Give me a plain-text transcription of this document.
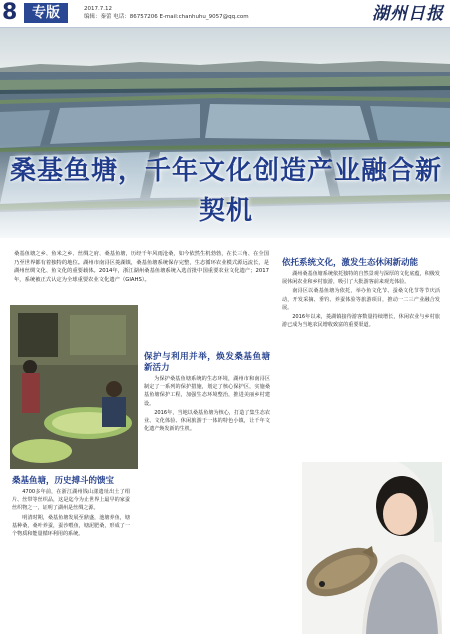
8	专版	2017.7.12
编辑：秦蕾 电话：86757206 E-mail:chanhuhu_9057@qq.com	湖州日报
桑基鱼塘，千年文化创造产业融合新契机

桑基鱼塘之乡、鱼米之乡、丝绸之府、桑基鱼塘，历经千年风雨沧桑，如今依然生机勃勃，在长三角、在全国乃至世界都有着独特的地位。湖州市南浔区菱湖镇，桑基鱼塘系统保存完整，生态循环农业模式源远流长，是湖州丝绸文化、鱼文化的重要载体。2014年，浙江湖州桑基鱼塘系统入选首批中国重要农业文化遗产；2017年，系统被正式认定为全球重要农业文化遗产（GIAHS）。

桑基鱼塘，历史搏斗的馈宝

4700多年前，在浙江湖州钱山漾遗址出土了绢片、丝带等丝织品，这是迄今为止世界上最早的家蚕丝织物之一，证明了湖州是丝绸之源。

明清时期，桑基鱼塘发展至鼎盛，池塘养鱼，塘基种桑，桑叶养蚕，蚕沙喂鱼，塘泥肥桑，形成了一个物质和能量循环利用的系统。

保护与利用并举，焕发桑基鱼塘新活力

为保护桑基鱼塘系统的生态环境，湖州市和南浔区制定了一系列的保护措施，划定了核心保护区，实施桑基鱼塘保护工程，加强生态环境整治，推进美丽乡村建设。

2016年，当地以桑基鱼塘为核心，打造了集生态农业、文化体验、休闲旅游于一体的特色小镇，让千年文化遗产焕发新的生机。

依托系统文化，激发生态休闲新动能

湖州桑基鱼塘系统依托独特的自然景观与深厚的文化底蕴，积极发展休闲农业和乡村旅游，吸引了大批游客前来观光体验。

南浔区以桑基鱼塘为依托，举办鱼文化节、蚕桑文化节等节庆活动，开发采摘、垂钓、养蚕体验等旅游项目，推动一二三产业融合发展。

2016年以来，菱湖镇接待游客数量持续增长，休闲农业与乡村旅游已成为当地农民增收致富的重要渠道。
